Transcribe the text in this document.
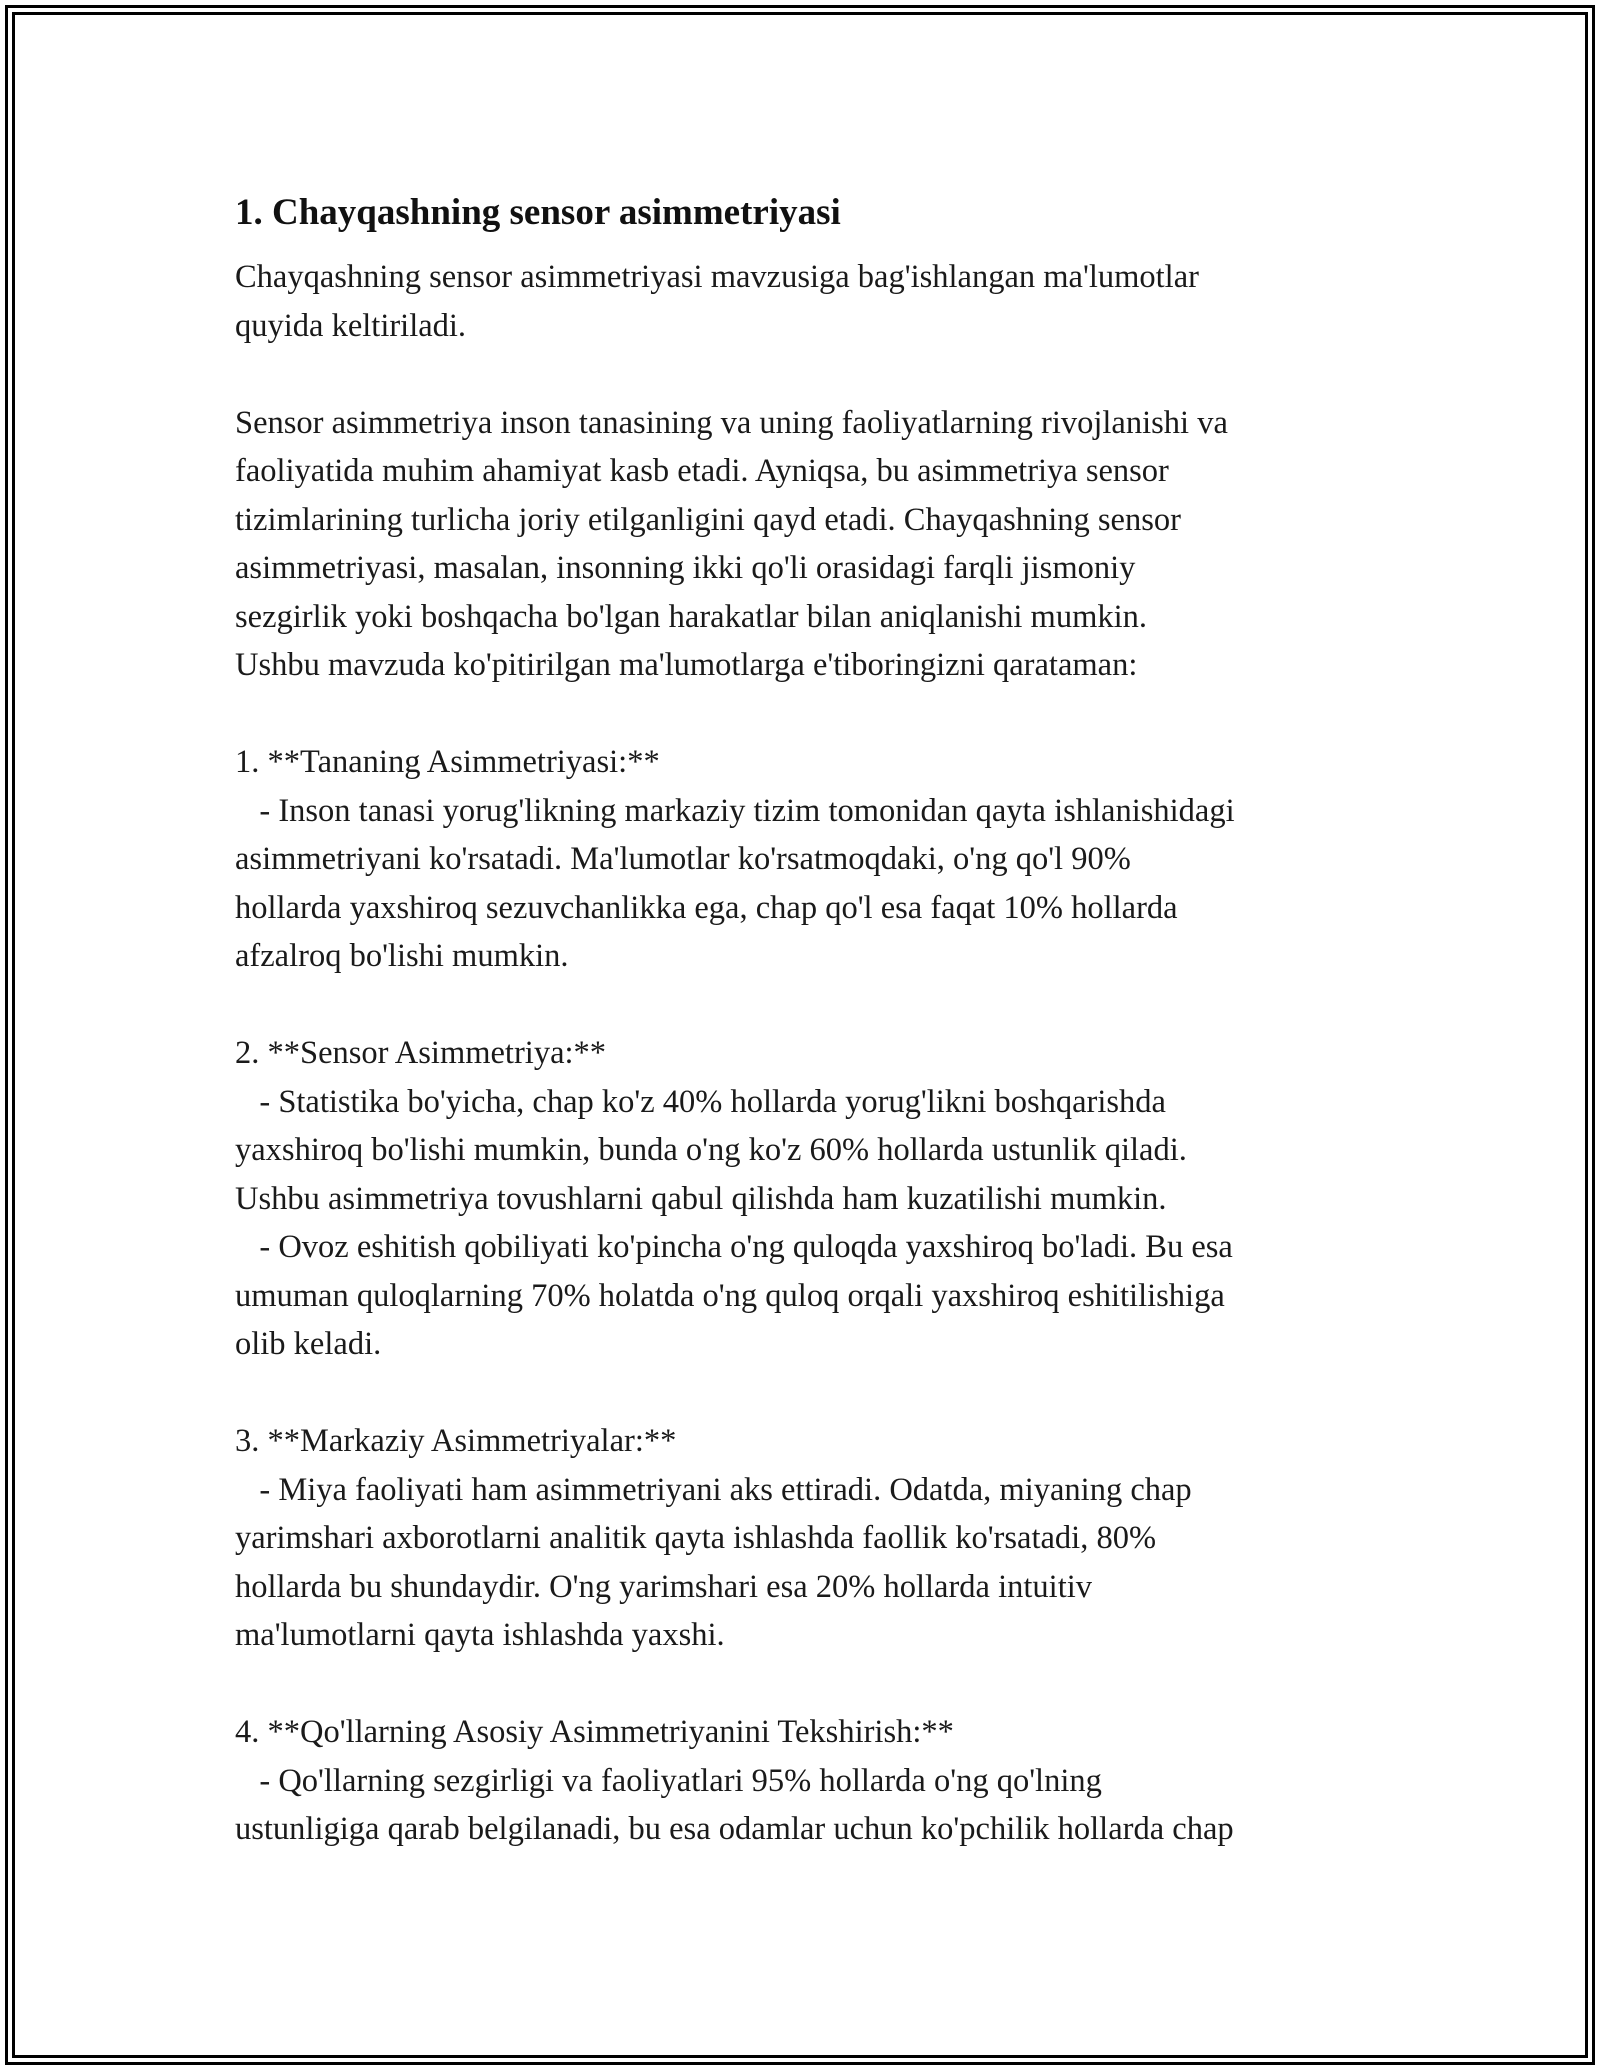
1. Chayqashning sensor asimmetriyasi

Chayqashning sensor asimmetriyasi mavzusiga bag'ishlangan ma'lumotlar
quyida keltiriladi.

Sensor asimmetriya inson tanasining va uning faoliyatlarning rivojlanishi va
faoliyatida muhim ahamiyat kasb etadi. Ayniqsa, bu asimmetriya sensor
tizimlarining turlicha joriy etilganligini qayd etadi. Chayqashning sensor
asimmetriyasi, masalan, insonning ikki qo'li orasidagi farqli jismoniy
sezgirlik yoki boshqacha bo'lgan harakatlar bilan aniqlanishi mumkin.
Ushbu mavzuda ko'pitirilgan ma'lumotlarga e'tiboringizni qarataman:

1. **Tananing Asimmetriyasi:**

- Inson tanasi yorug'likning markaziy tizim tomonidan qayta ishlanishidagi
asimmetriyani ko'rsatadi. Ma'lumotlar ko'rsatmoqdaki, o'ng qo'l 90%
hollarda yaxshiroq sezuvchanlikka ega, chap qo'l esa faqat 10% hollarda
afzalroq bo'lishi mumkin.

2. **Sensor Asimmetriya:**

- Statistika bo'yicha, chap ko'z 40% hollarda yorug'likni boshqarishda
yaxshiroq bo'lishi mumkin, bunda o'ng ko'z 60% hollarda ustunlik qiladi.
Ushbu asimmetriya tovushlarni qabul qilishda ham kuzatilishi mumkin.
- Ovoz eshitish qobiliyati ko'pincha o'ng quloqda yaxshiroq bo'ladi. Bu esa
umuman quloqlarning 70% holatda o'ng quloq orqali yaxshiroq eshitilishiga
olib keladi.

3. **Markaziy Asimmetriyalar:**

- Miya faoliyati ham asimmetriyani aks ettiradi. Odatda, miyaning chap
yarimshari axborotlarni analitik qayta ishlashda faollik ko'rsatadi, 80%
hollarda bu shundaydir. O'ng yarimshari esa 20% hollarda intuitiv
ma'lumotlarni qayta ishlashda yaxshi.

4. **Qo'llarning Asosiy Asimmetriyanini Tekshirish:**

- Qo'llarning sezgirligi va faoliyatlari 95% hollarda o'ng qo'lning
ustunligiga qarab belgilanadi, bu esa odamlar uchun ko'pchilik hollarda chap
